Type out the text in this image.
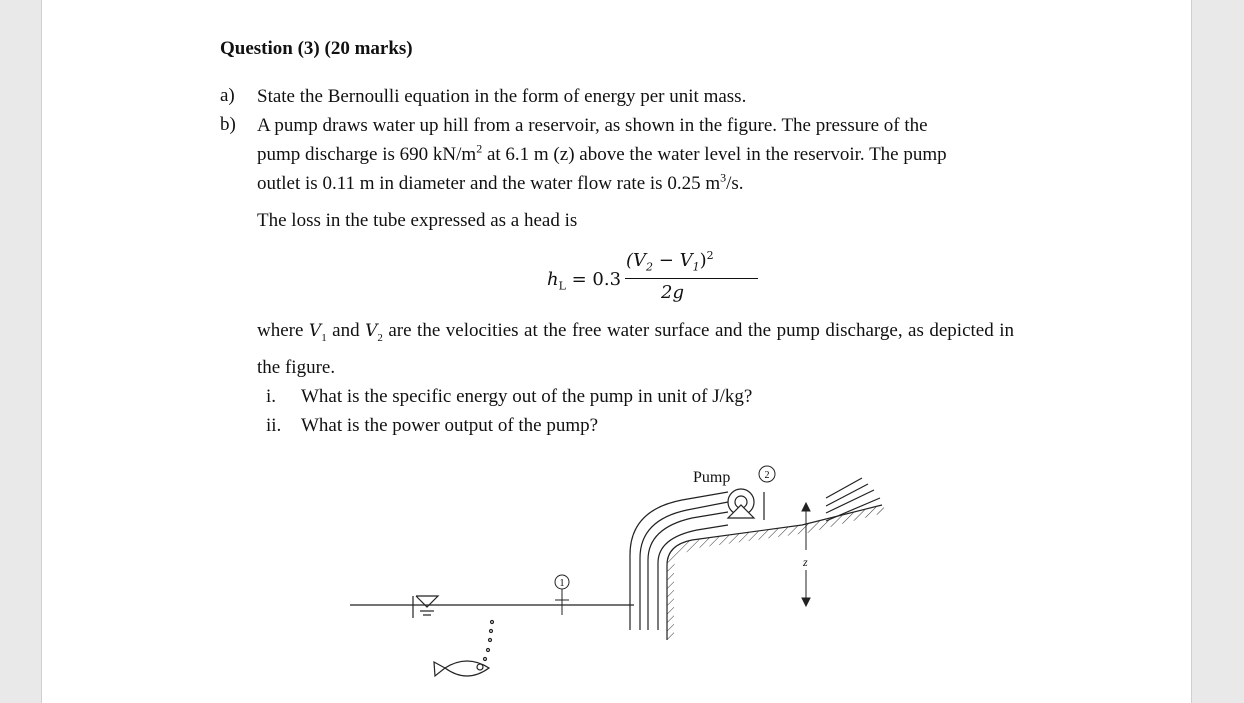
Question (3) (20 marks)
a) State the Bernoulli equation in the form of energy per unit mass.
b) A pump draws water up hill from a reservoir, as shown in the figure. The pressure of the
pump discharge is 690 $kN/m^2$ at 6.1 m (z) above the water level in the reservoir. The pump
outlet is 0.11 m in diameter and the water flow rate is 0.25 $m^3/s$.
The loss in the tube expressed as a head is
$h_L = 0.3$
$(V_2 - V_1)^2$
2g
where $V_1$ and $V_2$ are the velocities at the free water surface and the pump discharge, as depicted in the figure.
i. What is the specific energy out of the pump in unit of J/kg?
ii. What is the power output of the pump?
1
Pump	2
z
